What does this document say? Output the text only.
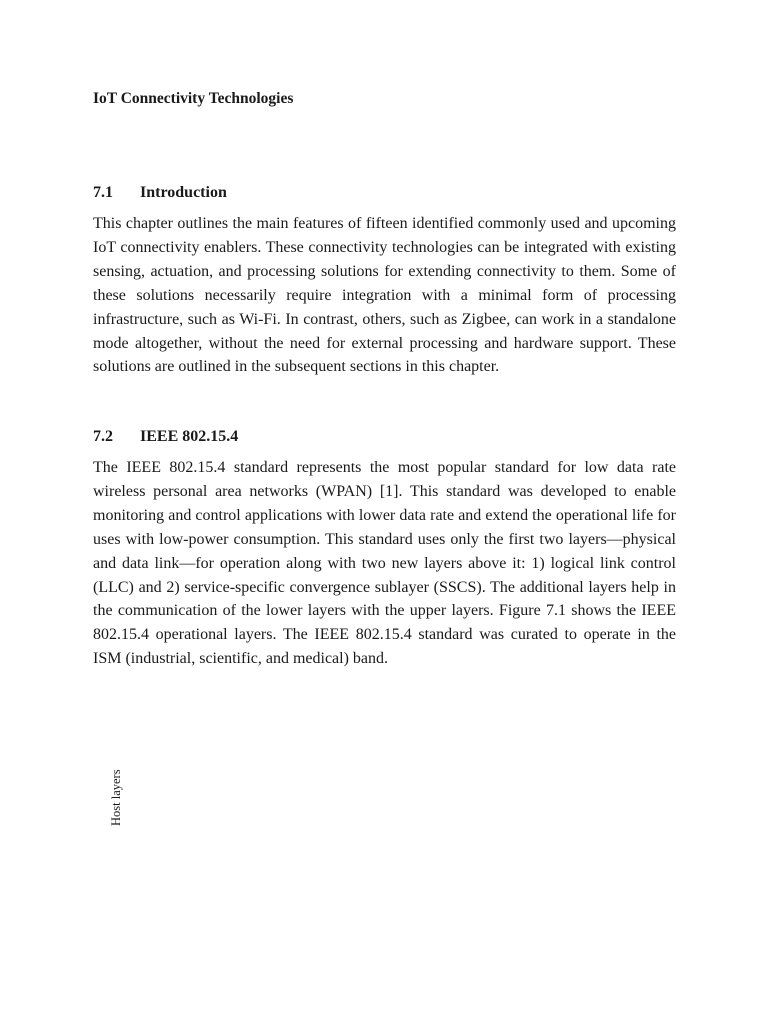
IoT Connectivity Technologies
7.1 Introduction

This chapter outlines the main features of fifteen identified commonly used and upcoming IoT connectivity enablers. These connectivity technologies can be integrated with existing sensing, actuation, and processing solutions for extending connectivity to them. Some of these solutions necessarily require integration with a minimal form of processing infrastructure, such as Wi-Fi. In contrast, others, such as Zigbee, can work in a standalone mode altogether, without the need for external processing and hardware support. These solutions are outlined in the subsequent sections in this chapter.

7.2 IEEE 802.15.4

The IEEE 802.15.4 standard represents the most popular standard for low data rate wireless personal area networks (WPAN) [1]. This standard was developed to enable monitoring and control applications with lower data rate and extend the operational life for uses with low-power consumption. This standard uses only the first two layers—physical and data link—for operation along with two new layers above it: 1) logical link control (LLC) and 2) service-specific convergence sublayer (SSCS). The additional layers help in the communication of the lower layers with the upper layers. Figure 7.1 shows the IEEE 802.15.4 operational layers. The IEEE 802.15.4 standard was curated to operate in the ISM (industrial, scientific, and medical) band.

Host layers
